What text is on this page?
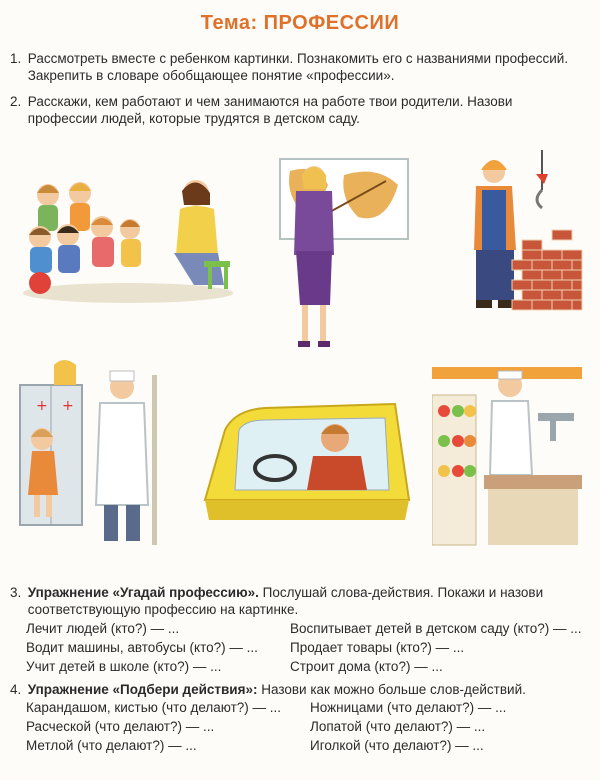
Тема: ПРОФЕССИИ
1. Рассмотреть вместе с ребенком картинки. Познакомить его с названиями профессий. Закрепить в словаре обобщающее понятие «профессии».
2. Расскажи, кем работают и чем занимаются на работе твои родители. Назови профессии людей, которые трудятся в детском саду.
+ +
3. Упражнение «Угадай профессию». Послушай слова-действия. Покажи и назови соответствующую профессию на картинке.
Лечит людей (кто?) — ...
Водит машины, автобусы (кто?) — ...
Учит детей в школе (кто?) — ...
Воспитывает детей в детском саду (кто?) — ...
Продает товары (кто?) — ...
Строит дома (кто?) — ...
4. Упражнение «Подбери действия»: Назови как можно больше слов-действий.
Карандашом, кистью (что делают?) — ...
Расческой (что делают?) — ...
Метлой (что делают?) — ...
Ножницами (что делают?) — ...
Лопатой (что делают?) — ...
Иголкой (что делают?) — ...
